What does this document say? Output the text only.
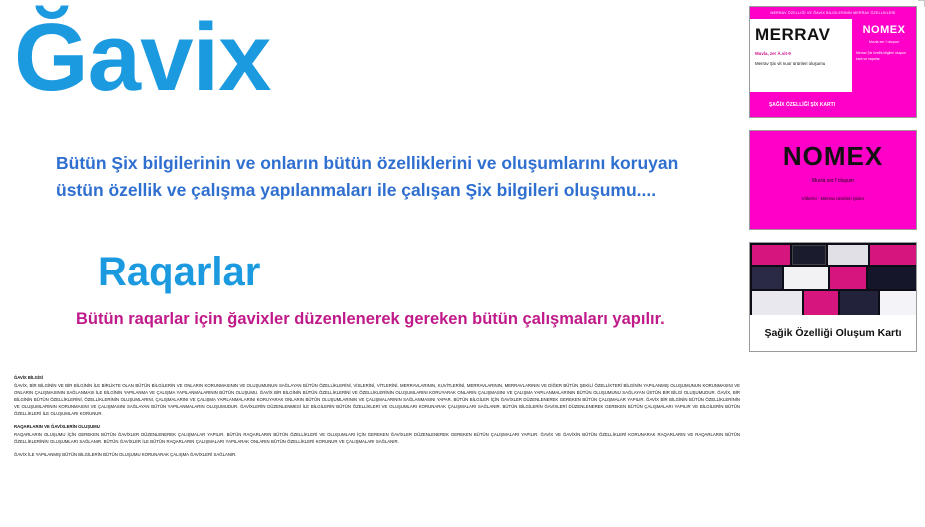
Ğavix
Bütün Şix bilgilerinin ve onların bütün özelliklerini ve oluşumlarını koruyan üstün özellik ve çalışma yapılanmaları ile çalışan Şix bilgileri oluşumu....
Raqarlar
Bütün raqarlar için ğavixler düzenlenerek gereken bütün çalışmaları yapılır.
ĞAVİX BİLGİSİ
ĞAVİX, BİR BİLGİNİN VE BİR BİLGİNİN İLE BİRLİKTE OLAN BÜTÜN BİLGİLERİN VE ONLARIN KORUNMASININ VE OLUŞUMUNUN SAĞLAYAN BÜTÜN ÖZELLİKLERİNİ, VİSLERİNİ, VİTLERİNİ, MERRAVLARININ, KUVİTLERİNİ, MERRAVLARININ, MERRAVLARININ VE DİĞER BÜTÜN ŞEKİLİ ÖZELLİKTERİ BİLGİNİN YAPILANMIŞ OLUŞUMUNUN KORUNMASINI VE ONLARIN ÇALIŞMASININ SAĞLANMASI İLE BİLGİNİN YAPILANMA VE ÇALIŞMA YAPILANMALARININ BÜTÜN OLUŞUMU. ĞAVİX BİR BİLGİNİN BÜTÜN ÖZELLİKLERİNİ VE ÖZELLİKLERİNİN OLUŞUMLARINI KORUYARAK ONLARIN ÇALIŞMASINI VE ÇALIŞMA YAPILANMALARININ BÜTÜN OLUŞUMUNU SAĞLAYAN ÜSTÜN BİR BİLGİ OLUŞUMUDUR. ĞAVİX, BİR BİLGİNİN BÜTÜN ÖZELLİKLERİNİ, ÖZELLİKLERİNİN OLUŞUMLARINI, ÇALIŞMALARINI VE ÇALIŞMA YAPILANMALARINI KORUYARAK ONLARIN BÜTÜN OLUŞUMLARININ VE ÇALIŞMALARININ SAĞLANMASINI YAPAR. BÜTÜN BİLGİLER İÇİN ĞAVİXLER DÜZENLENEREK GEREKEN BÜTÜN ÇALIŞMALAR YAPILIR. ĞAVİX BİR BİLGİNİN BÜTÜN ÖZELLİKLERİNİN VE OLUŞUMLARININ KORUNMASINI VE ÇALIŞMASINI SAĞLAYAN BÜTÜN YAPILANMALARIN OLUŞUMUDUR. ĞAVİXLERİN DÜZENLENMESİ İLE BİLGİLERİN BÜTÜN ÖZELLİKLERİ VE OLUŞUMLARI KORUNARAK ÇALIŞMALARI SAĞLANIR. BÜTÜN BİLGİLERİN ĞAVİXLERİ DÜZENLENEREK GEREKEN BÜTÜN ÇALIŞMALARI YAPILIR VE BİLGİLERİN BÜTÜN ÖZELLİKLERİ İLE OLUŞUMLARI KORUNUR.
RAQARLARIN VE ĞAVİXLERİN OLUŞUMU
RAQARLARIN OLUŞUMU İÇİN GEREKEN BÜTÜN ĞAVİXLER DÜZENLENEREK ÇALIŞMALAR YAPILIR. BÜTÜN RAQARLARIN BÜTÜN ÖZELLİKLERİ VE OLUŞUMLARI İÇİN GEREKEN ĞAVİXLER DÜZENLENEREK GEREKEN BÜTÜN ÇALIŞMALARI YAPILIR. ĞAVİX VE ĞAVİXİN BÜTÜN ÖZELLİKLERİ KORUNARAK RAQARLARIN VE RAQARLARIN BÜTÜN ÖZELLİKLERİNİN OLUŞUMLARI SAĞLANIR. BÜTÜN ĞAVİXLER İLE BÜTÜN RAQARLARIN ÇALIŞMALARI YAPILARAK ONLARIN BÜTÜN ÖZELLİKLERİ KORUNUR VE ÇALIŞMALARI SAĞLANIR.
ĞAVİX İLE YAPILANMIŞ BÜTÜN BİLGİLERİN BÜTÜN OLUŞUMU KORUNARAK ÇALIŞMA ĞAVİXLERİ SAĞLANIR.
MERRAV ÖZELLİĞİ VE ĞAVİX BİLGİLERİNİN MERRAV ÖZELLİKLERİ
MERRAV
Muvla, zer Ă.vit-9
Merrav Şix vit nuor ürünleri oluşumu
ŞAĞİX ÖZELLİĞİ ŞİX KARTI
NOMEX
Muvla zer ĭ oluşum
Merrav Şix özellik bilgileri oluşum kartı ve raqarlar
NOMEX
Muvla zer ĭ oluşum
Vitlerini · Merrav ürünleri Şixler
Şağik Özelliği Oluşum Kartı
